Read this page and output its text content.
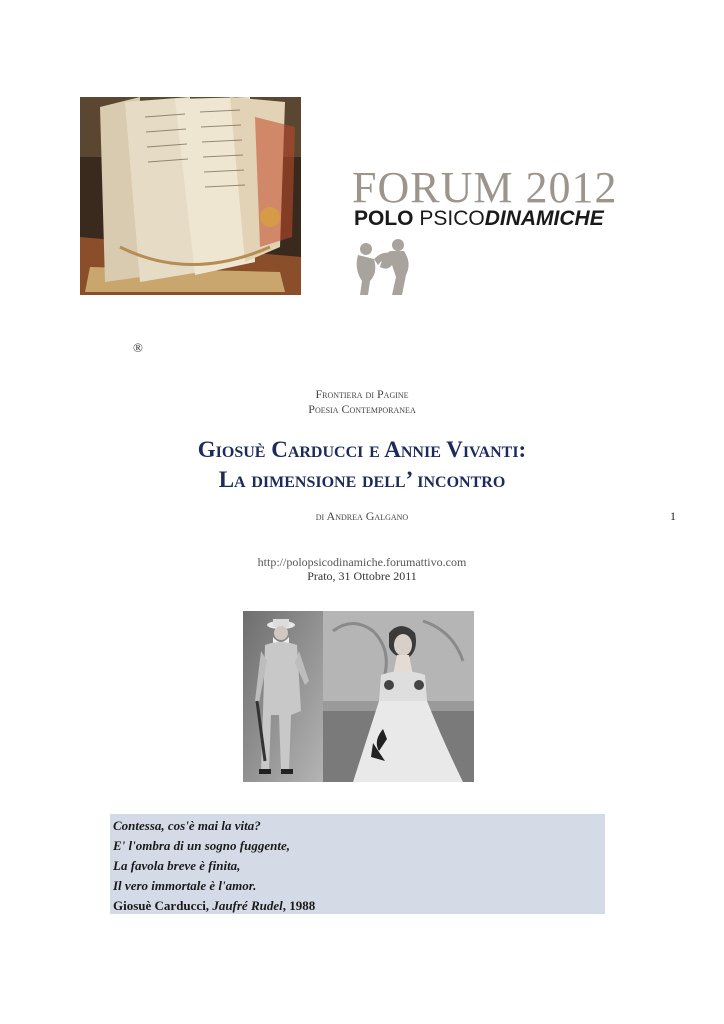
FORUM 2012
POLO PSICODINAMICHE
®
Frontiera di Pagine
Poesia Contemporanea
Giosuè Carducci e Annie Vivanti:
La dimensione dell’ incontro
di Andrea Galgano	1
http://polopsicodinamiche.forumattivo.com
Prato, 31 Ottobre 2011
Contessa, cos'è mai la vita?
E' l'ombra di un sogno fuggente,
La favola breve è finita,
Il vero immortale è l'amor.
Giosuè Carducci, Jaufré Rudel, 1988
